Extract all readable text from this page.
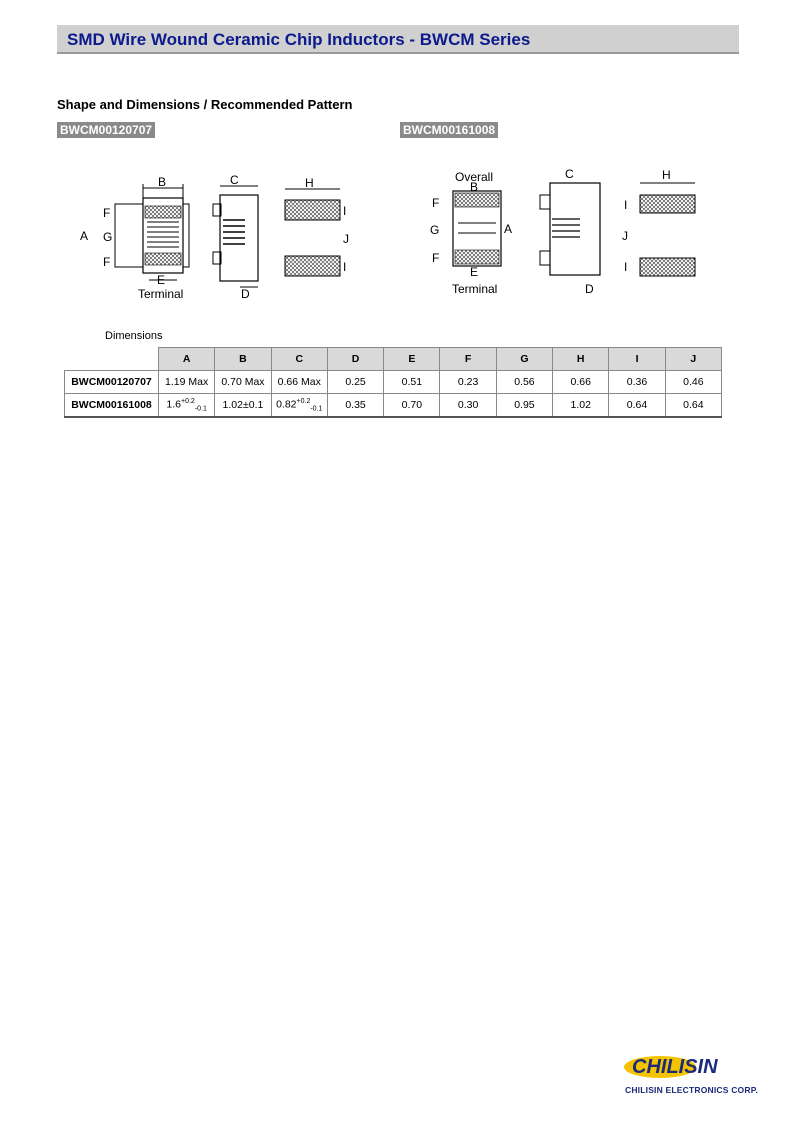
SMD Wire Wound Ceramic Chip Inductors - BWCM Series
Shape and Dimensions / Recommended Pattern
BWCM00120707	BWCM00161008
B
A
F
G
F
E
Terminal
C
D
H
I
J
I
Overall
B
A
F
G
F
E
Terminal
C
D
H
I
J
I
Dimensions
	A	B	C	D	E	F	G	H	I	J
BWCM00120707	1.19 Max	0.70 Max	0.66 Max	0.25	0.51	0.23	0.56	0.66	0.36	0.46
BWCM00161008	$1.6^{+0.2}_{-0.1}$	1.02±0.1	$0.82^{+0.2}_{-0.1}$	0.35	0.70	0.30	0.95	1.02	0.64	0.64
CHILISIN
CHILISIN ELECTRONICS CORP.
